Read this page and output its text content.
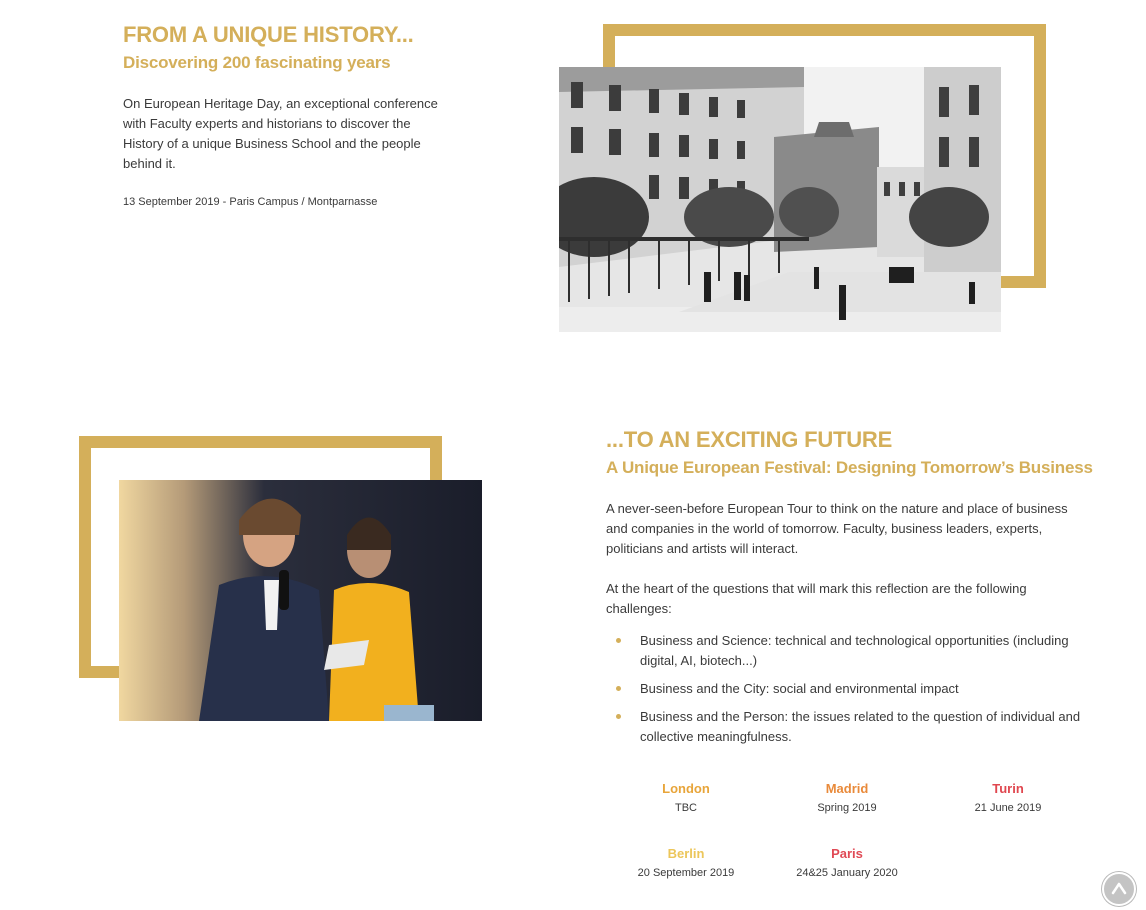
FROM A UNIQUE HISTORY...
Discovering 200 fascinating years

On European Heritage Day, an exceptional conference with Faculty experts and historians to discover the History of a unique Business School and the people behind it.

13 September 2019 - Paris Campus / Montparnasse
...TO AN EXCITING FUTURE
A Unique European Festival: Designing Tomorrow’s Business

A never-seen-before European Tour to think on the nature and place of business and companies in the world of tomorrow. Faculty, business leaders, experts, politicians and artists will interact.

At the heart of the questions that will mark this reflection are the following challenges:

Business and Science: technical and technological opportunities (including digital, AI, biotech...)
Business and the City: social and environmental impact
Business and the Person: the issues related to the question of individual and collective meaningfulness.
London
TBC
Madrid
Spring 2019
Turin
21 June 2019
Berlin
20 September 2019
Paris
24&25 January 2020
